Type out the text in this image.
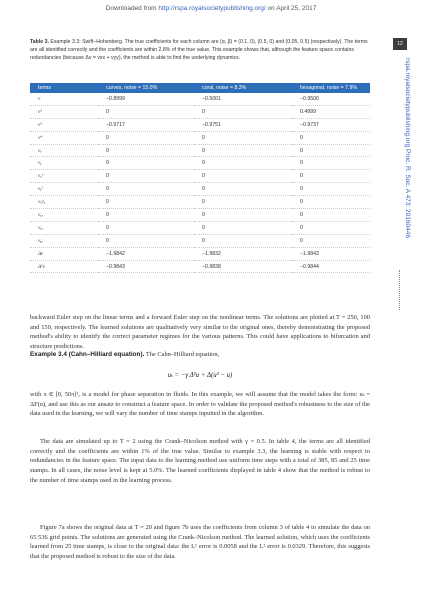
Downloaded from http://rspa.royalsocietypublishing.org/ on April 25, 2017
12
rspa.royalsocietypublishing.org Proc. R. Soc. A 473: 20160446
Table 3. Example 3.3: Swift–Hohenberg. The true coefficients for each column are (α, β) = (0.1, 0), (0.5, 0) and (0.05, 0.5) (respectively). The terms are all identified correctly and the coefficients are within 2.8% of the true value. This example shows that, although the feature space contains redundancies (because Δv = vxx + vyy), the method is able to find the underlying dynamics.
terms	curves, noise = 15.0%	coral, noise = 8.3%	hexagonal, noise = 7.9%
v	−0.8999	−0.5001	−0.9500
v²	0	0	0.4999
v³	−0.9717	−0.9751	−0.9737
v⁴	0	0	0
vₓ	0	0	0
vᵧ	0	0	0
vₓ²	0	0	0
vᵧ²	0	0	0
vₓvᵧ	0	0	0
vₓₓ	0	0	0
vₓᵧ	0	0	0
vᵧᵧ	0	0	0
Δv	−1.9842	−1.9832	−1.9843
Δ²v	−0.9843	−0.9838	−0.9844
backward Euler step on the linear terms and a forward Euler step on the nonlinear terms. The solutions are plotted at T = 250, 100 and 150, respectively. The learned solutions are qualitatively very similar to the original ones, thereby demonstrating the proposed method's ability to identify the correct parameter regimes for the various patterns. This could have applications to bifurcation and structure predictions.
Example 3.4 (Cahn–Hilliard equation). The Cahn–Hilliard equation,
uₜ = −γ Δ²u + Δ(u³ − u)
with x ∈ [0, 50π]², is a model for phase separation in fluids. In this example, we will assume that the model takes the form: uₜ = ΔF(u), and use this as our ansatz to construct a feature space. In order to validate the proposed method's robustness to the size of the data used in the learning, we will vary the number of time stamps inputted in the algorithm.
The data are simulated up to T = 2 using the Crank–Nicolson method with γ = 0.5. In table 4, the terms are all identified correctly and the coefficients are within 1% of the true value. Similar to example 3.3, the learning is stable with respect to redundancies in the feature space. The input data to the learning method use uniform time steps with a total of 385, 85 and 25 time stamps. In all cases, the noise level is kept at 5.0%. The learned coefficients displayed in table 4 show that the method is robust to the number of time stamps used in the learning process.
Figure 7a shows the original data at T = 20 and figure 7b uses the coefficients from column 3 of table 4 to simulate the data on 65 536 grid points. The solutions are generated using the Crank–Nicolson method. The learned solution, which uses the coefficients learned from 25 time stamps, is close to the original data: the L¹ error is 0.0058 and the L² error is 0.0329. Therefore, this suggests that the proposed method is robust to the size of the data.
